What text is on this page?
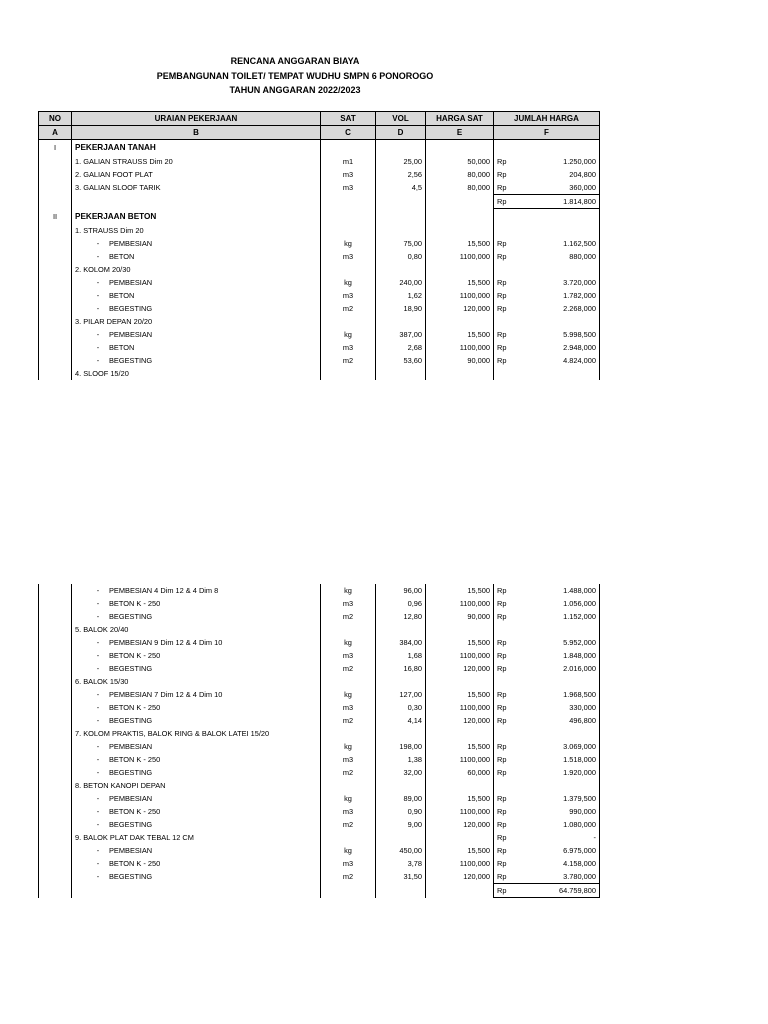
RENCANA ANGGARAN BIAYA
PEMBANGUNAN TOILET/ TEMPAT WUDHU SMPN 6 PONOROGO
TAHUN ANGGARAN 2022/2023
NO	URAIAN PEKERJAAN	SAT	VOL	HARGA SAT	JUMLAH HARGA
A	B	C	D	E	F
I	PEKERJAAN TANAH				
	1. GALIAN STRAUSS Dim 20	m1	25,00	50,000	Rp 1.250,000

	2. GALIAN FOOT PLAT	m3	2,56	80,000	Rp 204,800

	3. GALIAN SLOOF TARIK	m3	4,5	80,000	Rp 360,000

					Rp 1.814,800

II	PEKERJAAN BETON				
	1. STRAUSS Dim 20				
	- PEMBESIAN	kg	75,00	15,500	Rp 1.162,500

	- BETON	m3	0,80	1100,000	Rp 880,000

	2. KOLOM 20/30				
	- PEMBESIAN	kg	240,00	15,500	Rp 3.720,000

	- BETON	m3	1,62	1100,000	Rp 1.782,000

	- BEGESTING	m2	18,90	120,000	Rp 2.268,000

	3. PILAR DEPAN 20/20				
	- PEMBESIAN	kg	387,00	15,500	Rp 5.998,500

	- BETON	m3	2,68	1100,000	Rp 2.948,000

	- BEGESTING	m2	53,60	90,000	Rp 4.824,000

	4. SLOOF 15/20				
	- PEMBESIAN 4 Dim 12 & 4 Dim 8	kg	96,00	15,500	Rp 1.488,000

	- BETON K - 250	m3	0,96	1100,000	Rp 1.056,000

	- BEGESTING	m2	12,80	90,000	Rp 1.152,000

	5. BALOK 20/40				
	- PEMBESIAN 9 Dim 12 & 4 Dim 10	kg	384,00	15,500	Rp 5.952,000

	- BETON K - 250	m3	1,68	1100,000	Rp 1.848,000

	- BEGESTING	m2	16,80	120,000	Rp 2.016,000

	6. BALOK 15/30				
	- PEMBESIAN 7 Dim 12 & 4 Dim 10	kg	127,00	15,500	Rp 1.968,500

	- BETON K - 250	m3	0,30	1100,000	Rp 330,000

	- BEGESTING	m2	4,14	120,000	Rp 496,800

	7. KOLOM PRAKTIS, BALOK RING & BALOK LATEI 15/20				
	- PEMBESIAN	kg	198,00	15,500	Rp 3.069,000

	- BETON K - 250	m3	1,38	1100,000	Rp 1.518,000

	- BEGESTING	m2	32,00	60,000	Rp 1.920,000

	8. BETON KANOPI DEPAN				
	- PEMBESIAN	kg	89,00	15,500	Rp 1.379,500

	- BETON K - 250	m3	0,90	1100,000	Rp 990,000

	- BEGESTING	m2	9,00	120,000	Rp 1.080,000

	9. BALOK PLAT DAK TEBAL 12 CM				Rp -

	- PEMBESIAN	kg	450,00	15,500	Rp 6.975,000

	- BETON K - 250	m3	3,78	1100,000	Rp 4.158,000

	- BEGESTING	m2	31,50	120,000	Rp 3.780,000

					Rp 64.759,800
